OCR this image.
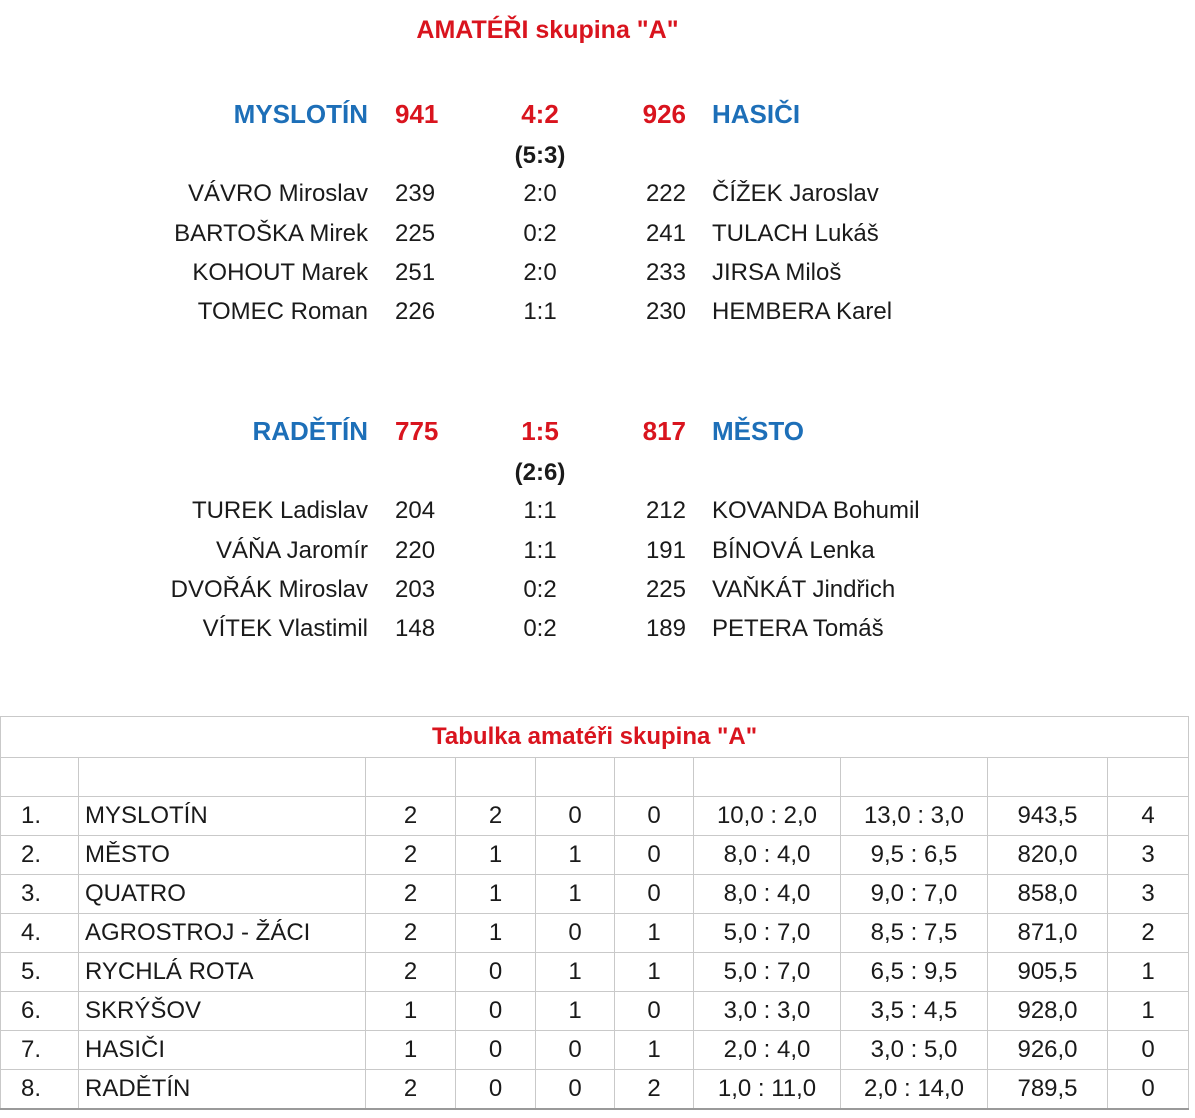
AMATÉŘI skupina "A"
MYSLOTÍN 941	4:2	926 HASIČI
(5:3)
VÁVRO Miroslav 239	2:0	222 ČÍŽEK Jaroslav
BARTOŠKA Mirek 225	0:2	241 TULACH Lukáš
KOHOUT Marek 251	2:0	233 JIRSA Miloš
TOMEC Roman 226	1:1	230 HEMBERA Karel
RADĚTÍN 775	1:5	817 MĚSTO
(2:6)
TUREK Ladislav 204	1:1	212 KOVANDA Bohumil
VÁŇA Jaromír 220	1:1	191 BÍNOVÁ Lenka
DVOŘÁK Miroslav 203	0:2	225 VAŇKÁT Jindřich
VÍTEK Vlastimil 148	0:2	189 PETERA Tomáš
Tabulka amatéři skupina "A"									

1.	MYSLOTÍN	2	2	0	0	10,0 : 2,0	13,0 : 3,0	943,5	4
2.	MĚSTO	2	1	1	0	8,0 : 4,0	9,5 : 6,5	820,0	3
3.	QUATRO	2	1	1	0	8,0 : 4,0	9,0 : 7,0	858,0	3
4.	AGROSTROJ - ŽÁCI	2	1	0	1	5,0 : 7,0	8,5 : 7,5	871,0	2
5.	RYCHLÁ ROTA	2	0	1	1	5,0 : 7,0	6,5 : 9,5	905,5	1
6.	SKRÝŠOV	1	0	1	0	3,0 : 3,0	3,5 : 4,5	928,0	1
7.	HASIČI	1	0	0	1	2,0 : 4,0	3,0 : 5,0	926,0	0
8.	RADĚTÍN	2	0	0	2	1,0 : 11,0	2,0 : 14,0	789,5	0
